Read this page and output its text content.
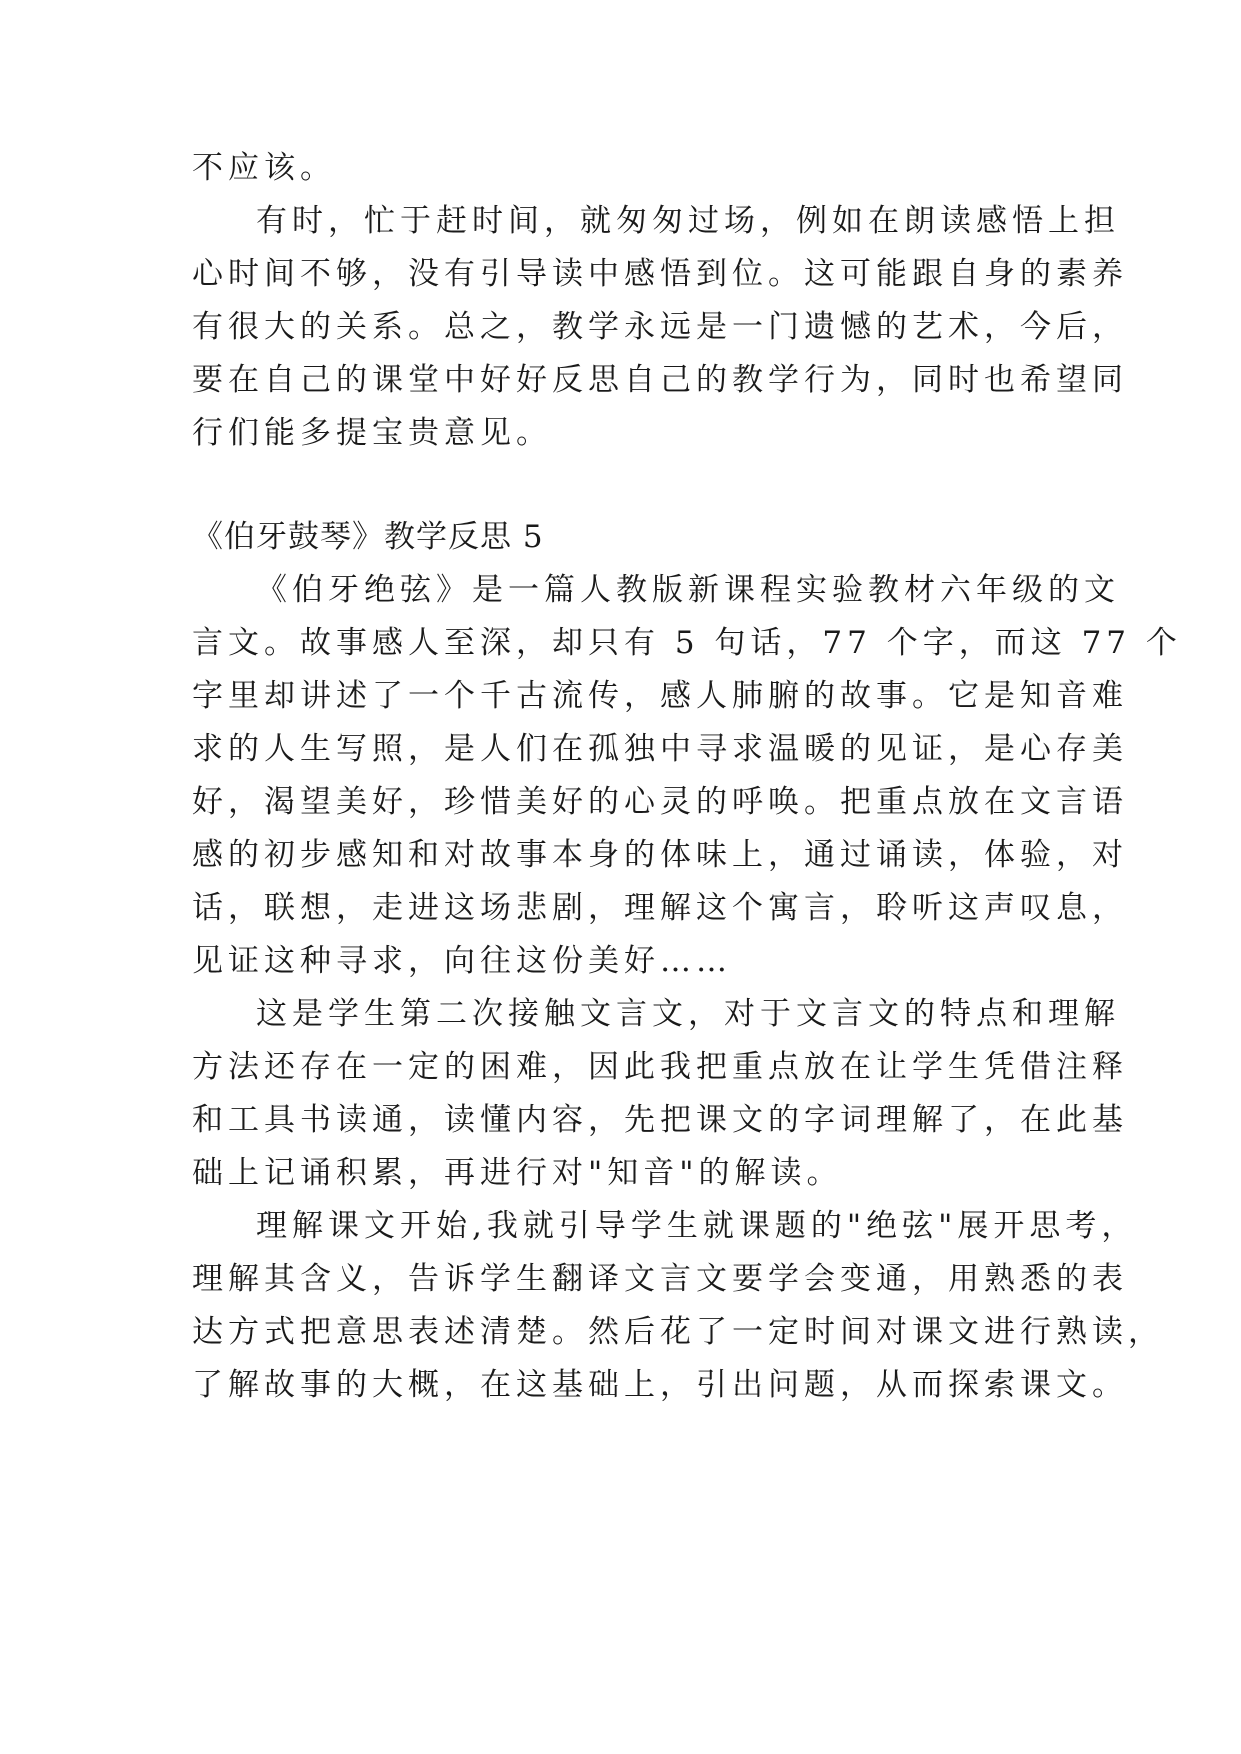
不应该。
有时，忙于赶时间，就匆匆过场，例如在朗读感悟上担
心时间不够，没有引导读中感悟到位。这可能跟自身的素养
有很大的关系。总之，教学永远是一门遗憾的艺术，今后，
要在自己的课堂中好好反思自己的教学行为，同时也希望同
行们能多提宝贵意见。
《伯牙鼓琴》教学反思 5
《伯牙绝弦》是一篇人教版新课程实验教材六年级的文
言文。故事感人至深，却只有 5 句话，77 个字，而这 77 个
字里却讲述了一个千古流传，感人肺腑的故事。它是知音难
求的人生写照，是人们在孤独中寻求温暖的见证，是心存美
好，渴望美好，珍惜美好的心灵的呼唤。把重点放在文言语
感的初步感知和对故事本身的体味上，通过诵读，体验，对
话，联想，走进这场悲剧，理解这个寓言，聆听这声叹息，
见证这种寻求，向往这份美好……
这是学生第二次接触文言文，对于文言文的特点和理解
方法还存在一定的困难，因此我把重点放在让学生凭借注释
和工具书读通，读懂内容，先把课文的字词理解了，在此基
础上记诵积累，再进行对"知音"的解读。
理解课文开始,我就引导学生就课题的"绝弦"展开思考，
理解其含义，告诉学生翻译文言文要学会变通，用熟悉的表
达方式把意思表述清楚。然后花了一定时间对课文进行熟读，
了解故事的大概，在这基础上，引出问题，从而探索课文。
